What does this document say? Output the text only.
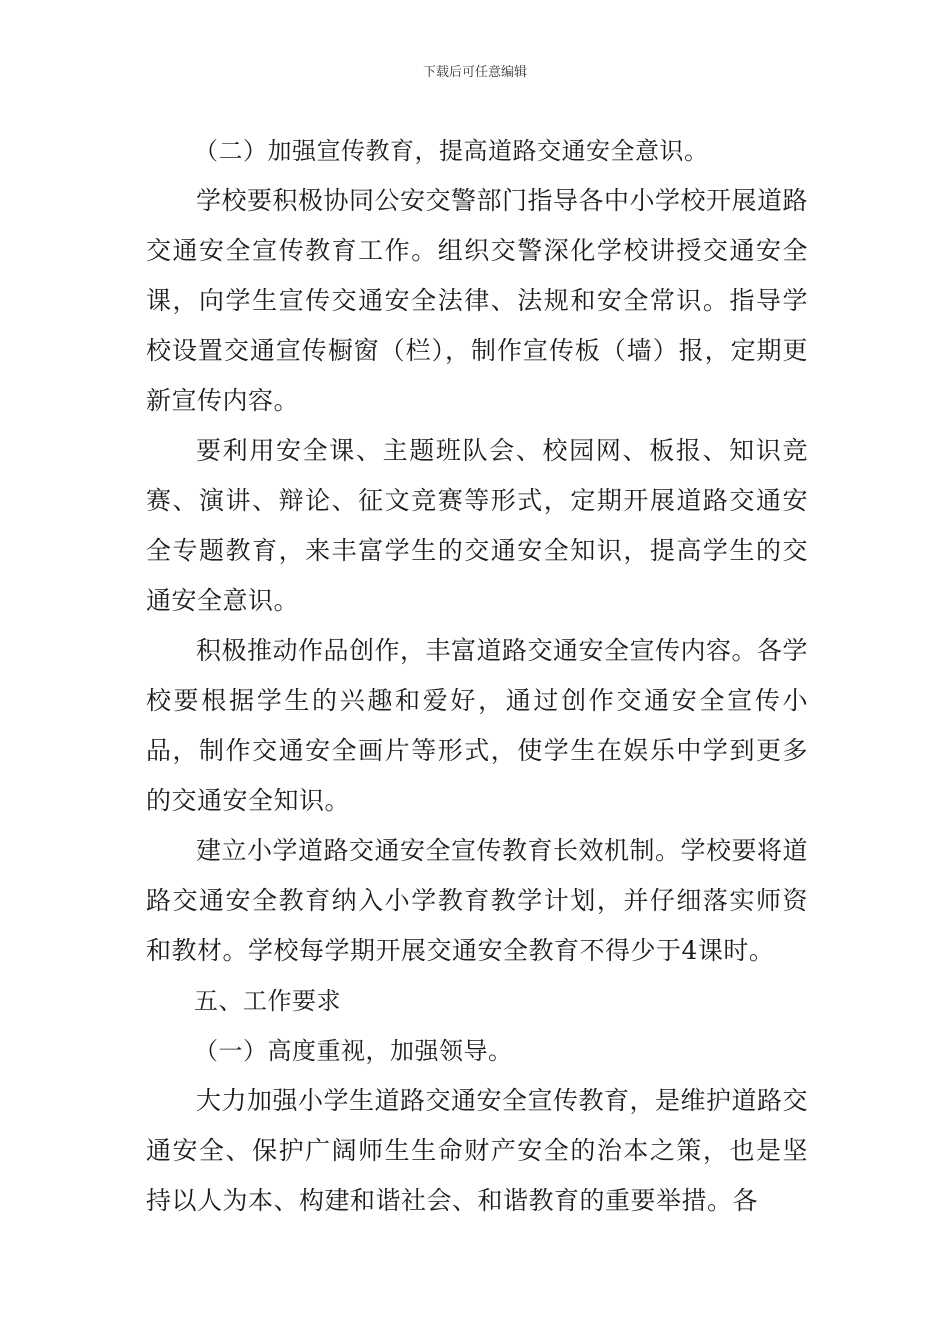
下载后可任意编辑

（二）加强宣传教育，提高道路交通安全意识。

学校要积极协同公安交警部门指导各中小学校开展道路交通安全宣传教育工作。组织交警深化学校讲授交通安全课，向学生宣传交通安全法律、法规和安全常识。指导学校设置交通宣传橱窗（栏），制作宣传板（墙）报，定期更新宣传内容。

要利用安全课、主题班队会、校园网、板报、知识竞赛、演讲、辩论、征文竞赛等形式，定期开展道路交通安全专题教育，来丰富学生的交通安全知识，提高学生的交通安全意识。

积极推动作品创作，丰富道路交通安全宣传内容。各学校要根据学生的兴趣和爱好，通过创作交通安全宣传小品，制作交通安全画片等形式，使学生在娱乐中学到更多的交通安全知识。

建立小学道路交通安全宣传教育长效机制。学校要将道路交通安全教育纳入小学教育教学计划，并仔细落实师资和教材。学校每学期开展交通安全教育不得少于4课时。

五、工作要求

（一）高度重视，加强领导。

大力加强小学生道路交通安全宣传教育，是维护道路交通安全、保护广阔师生生命财产安全的治本之策，也是坚持以人为本、构建和谐社会、和谐教育的重要举措。各
